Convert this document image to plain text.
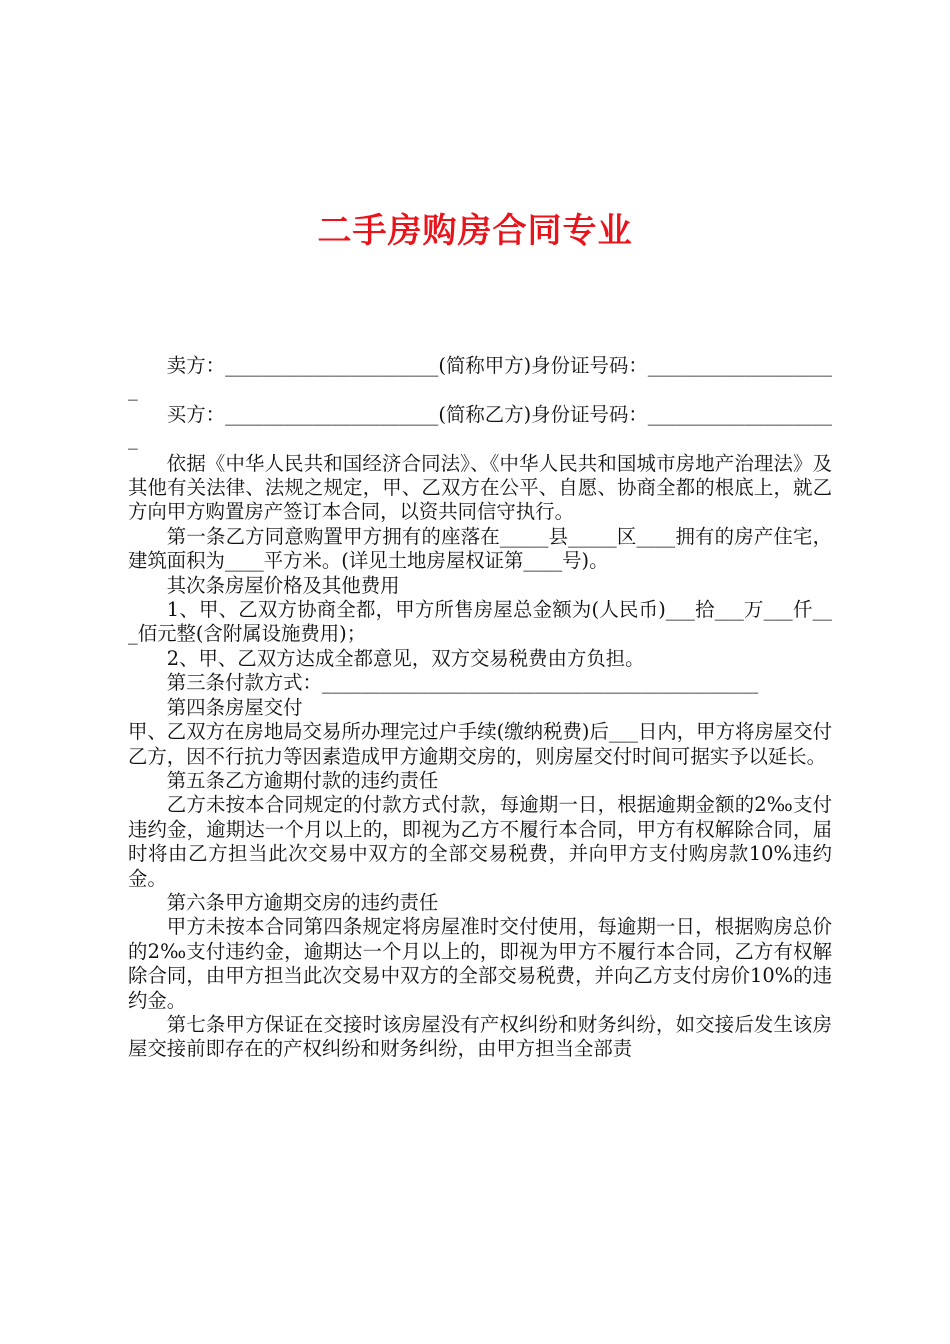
二手房购房合同专业

卖方：______________________(简称甲方)身份证号码：____________________

买方：______________________(简称乙方)身份证号码：____________________

依据《中华人民共和国经济合同法》、《中华人民共和国城市房地产治理法》及其他有关法律、法规之规定，甲、乙双方在公平、自愿、协商全都的根底上，就乙方向甲方购置房产签订本合同，以资共同信守执行。

第一条乙方同意购置甲方拥有的座落在_____县_____区____拥有的房产住宅，建筑面积为____平方米。(详见土地房屋权证第____号)。

其次条房屋价格及其他费用

1、甲、乙双方协商全都，甲方所售房屋总金额为(人民币)___拾___万___仟___佰元整(含附属设施费用)；

2、甲、乙双方达成全都意见，双方交易税费由方负担。

第三条付款方式：_____________________________________________

第四条房屋交付

甲、乙双方在房地局交易所办理完过户手续(缴纳税费)后___日内，甲方将房屋交付乙方，因不行抗力等因素造成甲方逾期交房的，则房屋交付时间可据实予以延长。

第五条乙方逾期付款的违约责任

乙方未按本合同规定的付款方式付款，每逾期一日，根据逾期金额的2‰支付违约金，逾期达一个月以上的，即视为乙方不履行本合同，甲方有权解除合同，届时将由乙方担当此次交易中双方的全部交易税费，并向甲方支付购房款10%违约金。

第六条甲方逾期交房的违约责任

甲方未按本合同第四条规定将房屋准时交付使用，每逾期一日，根据购房总价的2‰支付违约金，逾期达一个月以上的，即视为甲方不履行本合同，乙方有权解除合同，由甲方担当此次交易中双方的全部交易税费，并向乙方支付房价10%的违约金。

第七条甲方保证在交接时该房屋没有产权纠纷和财务纠纷，如交接后发生该房屋交接前即存在的产权纠纷和财务纠纷，由甲方担当全部责
